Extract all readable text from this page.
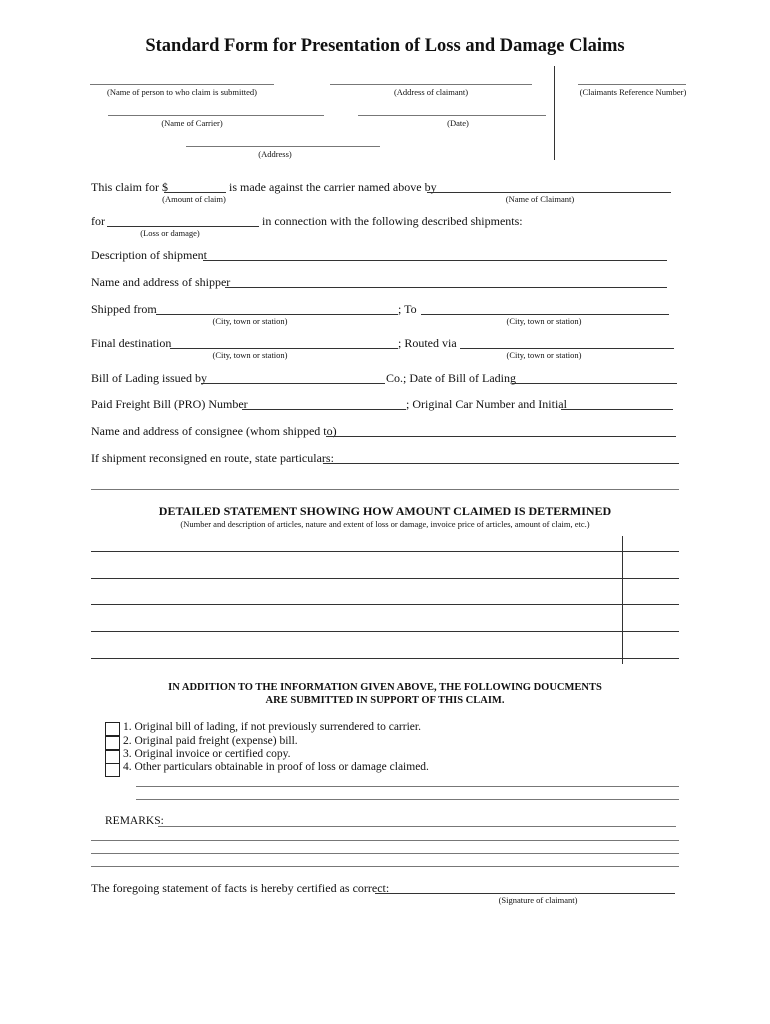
Standard Form for Presentation of Loss and Damage Claims
(Name of person to who claim is submitted)	(Address of claimant)	(Claimants Reference Number)
(Name of Carrier)	(Date)
(Address)
This claim for $	is made against the carrier named above by
(Amount of claim)	(Name of Claimant)
for	in connection with the following described shipments:
(Loss or damage)
Description of shipment
Name and address of shipper
Shipped from	; To
(City, town or station)	(City, town or station)
Final destination	; Routed via
(City, town or station)	(City, town or station)
Bill of Lading issued by	Co.; Date of Bill of Lading
Paid Freight Bill (PRO) Number	; Original Car Number and Initial
Name and address of consignee (whom shipped to)
If shipment reconsigned en route, state particulars:
DETAILED STATEMENT SHOWING HOW AMOUNT CLAIMED IS DETERMINED
(Number and description of articles, nature and extent of loss or damage, invoice price of articles, amount of claim, etc.)
IN ADDITION TO THE INFORMATION GIVEN ABOVE, THE FOLLOWING DOUCMENTS
ARE SUBMITTED IN SUPPORT OF THIS CLAIM.
1. Original bill of lading, if not previously surrendered to carrier.
2. Original paid freight (expense) bill.
3. Original invoice or certified copy.
4. Other particulars obtainable in proof of loss or damage claimed.
REMARKS:
The foregoing statement of facts is hereby certified as correct:
(Signature of claimant)
